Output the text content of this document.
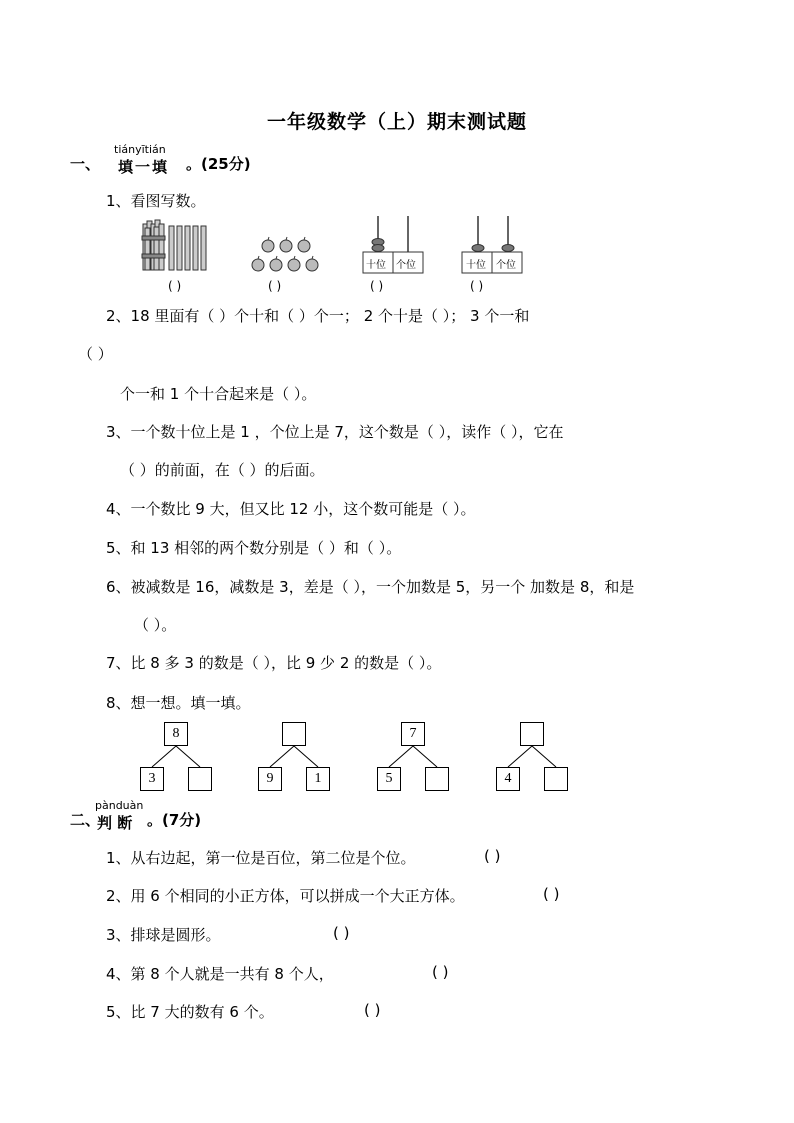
一年级数学（上）期末测试题
一、
tiányītián
填一填 。(25分)
1、看图写数。
( )	( )
十位 个位
( )
十位 个位
( )
2、18 里面有（ ）个十和（ ）个一； 2 个十是（ ）； 3 个一和
（ ）
个一和 1 个十合起来是（ ）。
3、一个数十位上是 1 ，个位上是 7，这个数是（ ），读作（ ），它在
（ ）的前面，在（ ）的后面。
4、一个数比 9 大，但又比 12 小，这个数可能是（ ）。
5、和 13 相邻的两个数分别是（ ）和（ ）。
6、被减数是 16，减数是 3，差是（ ），一个加数是 5，另一个 加数是 8，和是
（ ）。
7、比 8 多 3 的数是（ ），比 9 少 2 的数是（ ）。
8、想一想。填一填。
8
3	9	1
7
5	4
二、
pànduàn
判 断 。(7分)
1、从右边起，第一位是百位，第二位是个位。	( )
2、用 6 个相同的小正方体，可以拼成一个大正方体。	( )
3、排球是圆形。	( )
4、第 8 个人就是一共有 8 个人，	( )
5、比 7 大的数有 6 个。	( )
